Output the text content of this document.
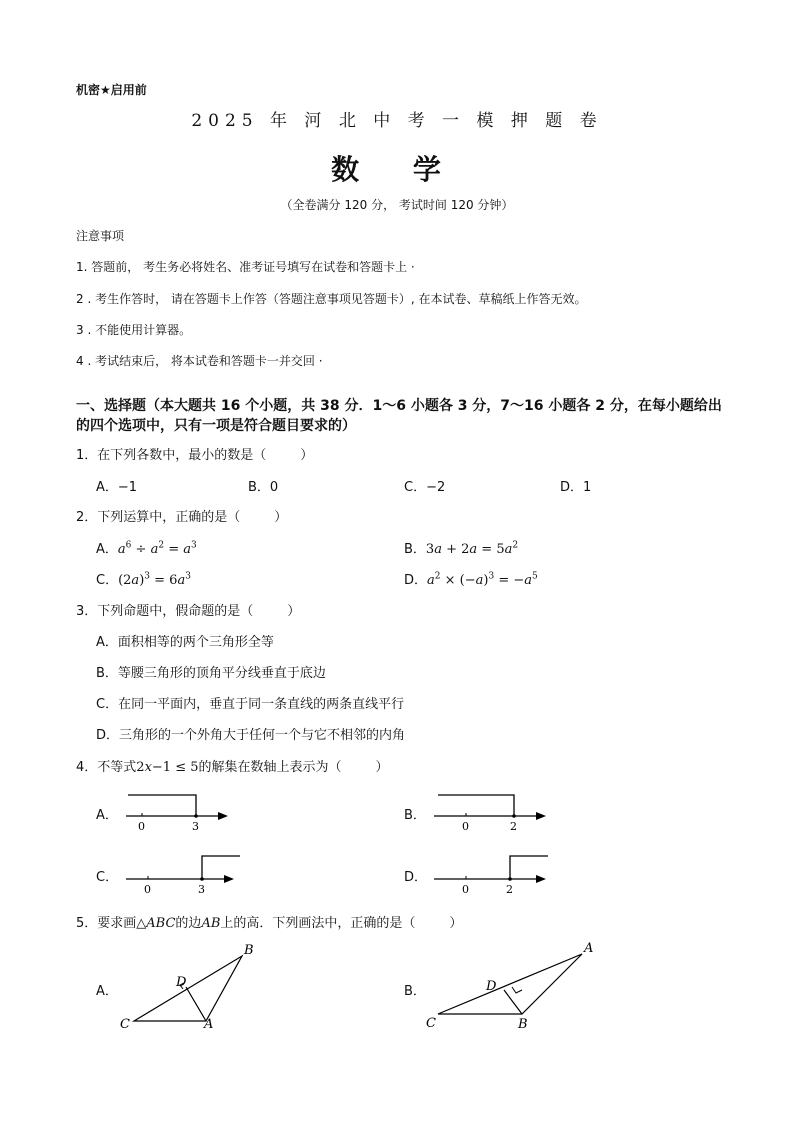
机密★启用前
2025 年 河 北 中 考 一 模 押 题 卷
数 学
（全卷满分 120 分， 考试时间 120 分钟）
注意事项
1. 答题前， 考生务必将姓名、准考证号填写在试卷和答题卡上 ·
2 . 考生作答时， 请在答题卡上作答（答题注意事项见答题卡）, 在本试卷、草稿纸上作答无效。
3 . 不能使用计算器。
4 . 考试结束后， 将本试卷和答题卡一并交回 ·
一、选择题（本大题共 16 个小题，共 38 分．1～6 小题各 3 分，7～16 小题各 2 分，在每小题给出的四个选项中，只有一项是符合题目要求的）
1．在下列各数中，最小的数是（	）
A．−1	B．0	C．−2	D．1
2．下列运算中，正确的是（	）
A．$a^6 \div a^2 = a^3$	B．$3a + 2a = 5a^2$
C．$(2a)^3 = 6a^3$	D．$a^2 \times (-a)^3 = -a^5$
3．下列命题中，假命题的是（	）
A．面积相等的两个三角形全等
B．等腰三角形的顶角平分线垂直于底边
C．在同一平面内，垂直于同一条直线的两条直线平行
D．三角形的一个外角大于任何一个与它不相邻的内角
4．不等式2x−1 ≤ 5的解集在数轴上表示为（	）
A．
0	3
B．
0	2
C．
0	3
D．
0	2
5．要求画△ABC的边AB上的高．下列画法中，正确的是（	）
A．
B
D
C	A
B．
A
D
C	B
